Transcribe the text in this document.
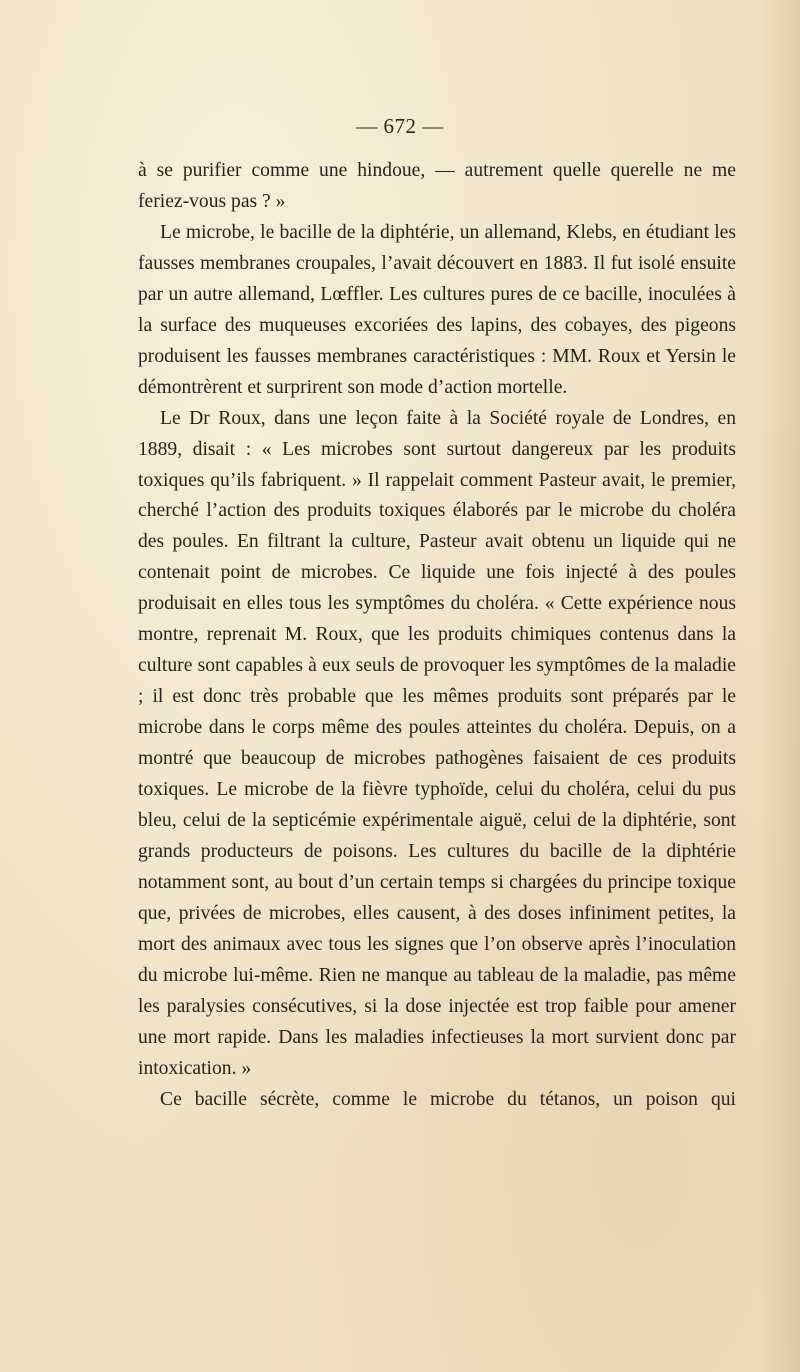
— 672 —

à se purifier comme une hindoue, — autrement quelle querelle ne me feriez-vous pas ? »

Le microbe, le bacille de la diphtérie, un allemand, Klebs, en étudiant les fausses membranes croupales, l’avait découvert en 1883. Il fut isolé ensuite par un autre allemand, Lœffler. Les cultures pures de ce bacille, inoculées à la surface des muqueuses excoriées des lapins, des cobayes, des pigeons produisent les fausses membranes caractéristiques : MM. Roux et Yersin le démontrèrent et surprirent son mode d’action mortelle.

Le Dr Roux, dans une leçon faite à la Société royale de Londres, en 1889, disait : « Les microbes sont surtout dangereux par les produits toxiques qu’ils fabriquent. » Il rappelait comment Pasteur avait, le premier, cherché l’action des produits toxiques élaborés par le microbe du choléra des poules. En filtrant la culture, Pasteur avait obtenu un liquide qui ne contenait point de microbes. Ce liquide une fois injecté à des poules produisait en elles tous les symptômes du choléra. « Cette expérience nous montre, reprenait M. Roux, que les produits chimiques contenus dans la culture sont capables à eux seuls de provoquer les symptômes de la maladie ; il est donc très probable que les mêmes produits sont préparés par le microbe dans le corps même des poules atteintes du choléra. Depuis, on a montré que beaucoup de microbes pathogènes faisaient de ces produits toxiques. Le microbe de la fièvre typhoïde, celui du choléra, celui du pus bleu, celui de la septicémie expérimentale aiguë, celui de la diphtérie, sont grands producteurs de poisons. Les cultures du bacille de la diphtérie notamment sont, au bout d’un certain temps si chargées du principe toxique que, privées de microbes, elles causent, à des doses infiniment petites, la mort des animaux avec tous les signes que l’on observe après l’inoculation du microbe lui-même. Rien ne manque au tableau de la maladie, pas même les paralysies consécutives, si la dose injectée est trop faible pour amener une mort rapide. Dans les maladies infectieuses la mort survient donc par intoxication. »

Ce bacille sécrète, comme le microbe du tétanos, un poison qui
